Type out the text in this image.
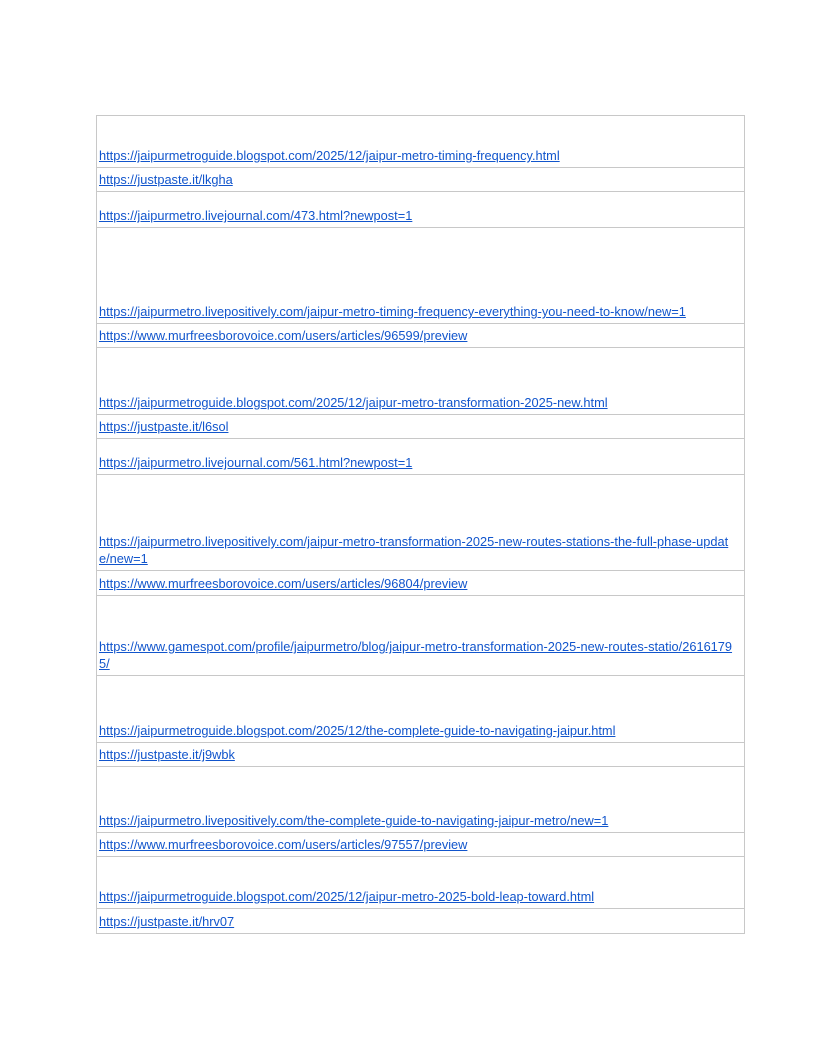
https://jaipurmetroguide.blogspot.com/2025/12/jaipur-metro-timing-frequency.html
https://justpaste.it/lkgha
https://jaipurmetro.livejournal.com/473.html?newpost=1
https://jaipurmetro.livepositively.com/jaipur-metro-timing-frequency-everything-you-need-to-know/new=1
https://www.murfreesborovoice.com/users/articles/96599/preview
https://jaipurmetroguide.blogspot.com/2025/12/jaipur-metro-transformation-2025-new.html
https://justpaste.it/l6sol
https://jaipurmetro.livejournal.com/561.html?newpost=1
https://jaipurmetro.livepositively.com/jaipur-metro-transformation-2025-new-routes-stations-the-full-phase-update/new=1
https://www.murfreesborovoice.com/users/articles/96804/preview
https://www.gamespot.com/profile/jaipurmetro/blog/jaipur-metro-transformation-2025-new-routes-statio/26161795/
https://jaipurmetroguide.blogspot.com/2025/12/the-complete-guide-to-navigating-jaipur.html
https://justpaste.it/j9wbk
https://jaipurmetro.livepositively.com/the-complete-guide-to-navigating-jaipur-metro/new=1
https://www.murfreesborovoice.com/users/articles/97557/preview
https://jaipurmetroguide.blogspot.com/2025/12/jaipur-metro-2025-bold-leap-toward.html
https://justpaste.it/hrv07
